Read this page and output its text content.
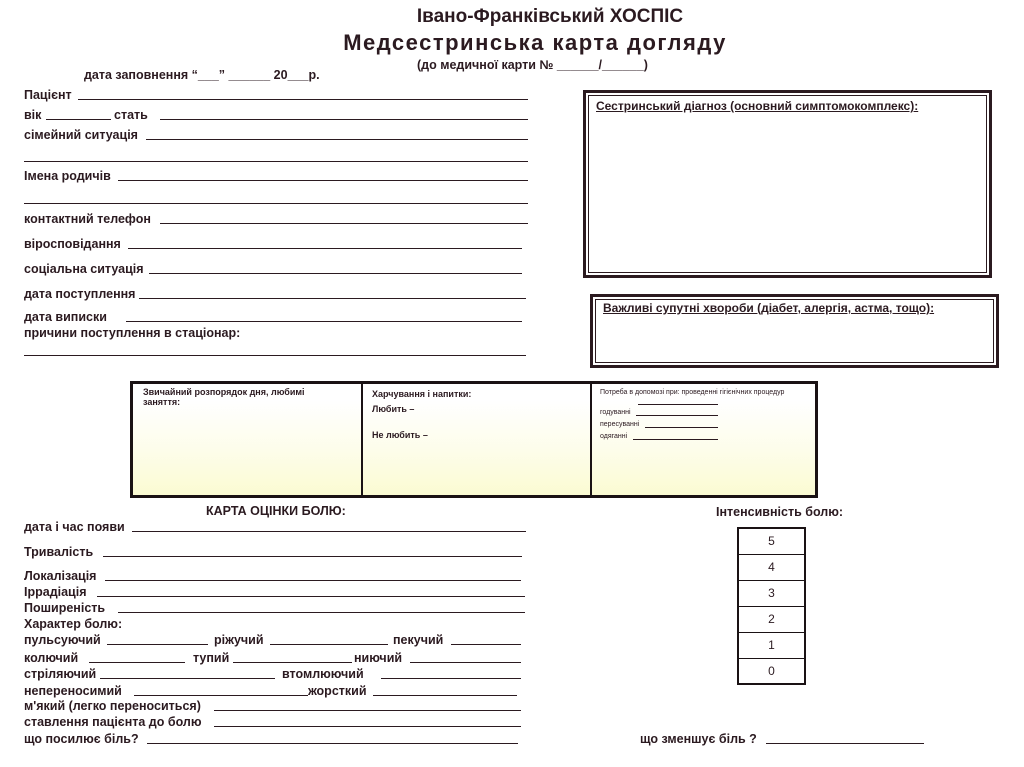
Івано-Франківський ХОСПІС
Медсестринська карта догляду
(до медичної карти № ______/______)
дата заповнення “___” ______ 20___р.
Пацієнт
вік	стать
сімейний ситуація
Імена родичів
контактний телефон
віросповідання
соціальна ситуація
дата поступлення
дата виписки
причини поступлення в стаціонар:
Сестринський діагноз (основний симптомокомплекс):
Важливі супутні хвороби (діабет, алергія, астма, тощо):
Звичайний розпорядок дня, любимі заняття:
Харчування і напитки:
Любить –
Не любить –
Потреба в допомозі при: проведенні гігієнічних процедур
годуванні
пересуванні
одяганні
КАРТА ОЦІНКИ БОЛЮ:
дата і час появи
Тривалість
Локалізація
Іррадіація
Поширеність
Характер болю:
пульсуючий	ріжучий	пекучий
колючий	тупий	ниючий
стріляючий	втомлюючий
непереносимий	жорсткий
м'який (легко переноситься)
ставлення пацієнта до болю
що посилює біль?	що зменшує біль ?
Інтенсивність болю:
5
4
3
2
1
0
